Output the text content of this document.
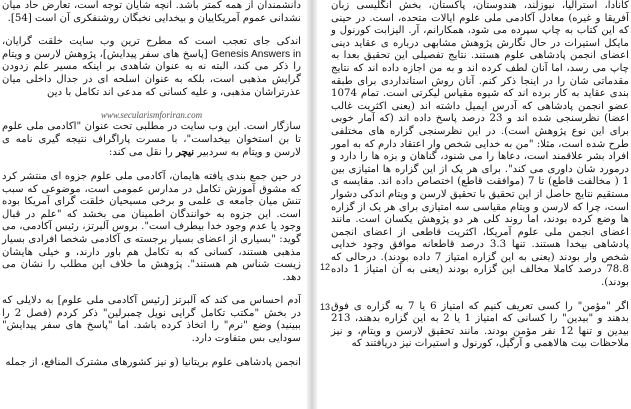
دانشمندان از همه کمتر باشد. آنچه شایان توجه است، تعارض حاد میان نشدانی عموم آمریکاییان و بیخدایی نخبگان روشنفکری آن است [54].

اندکی جای تعجب است که مطرح ترین وب سایت خلقت گرایان، Genesis Answers in [پاسخ های سفر پیدایش]، پژوهش لارسن و ویتام را ذکر می کند، البته نه به عنوان شاهدی بر اینکه مسیر علم زدودن گرایش مذهبی است، بلکه به عنوان اسلحه ای در جدال داخلی میان عذرتراشان مذهبی، و علیه کسانی که مدعی اند تکامل با دین

www.secularismforiran.com

سازگار است. این وب سایت در مطلبی تحت عنوان "اکادمی ملی علوم تا بن استخوان بیخداست"، با مسرت پاراگراف نتیجه گیری نامه ی لارسن و ویتام به سردبیر نیچر را نقل می کند:

در حین جمع بندی یافته هایمان، آکادمی ملی علوم جزوه ای منتشر کرد که مشوق آموزش تکامل در مدارس عمومی است، موضوعی که سبب تنش میان جامعه ی علمی و برخی مسیحیان خلقت گرای آمریکا بوده است. این جزوه به خوانندگان اطمینان می بخشد که "علم در قبال وجود یا عدم وجود خدا بیطرف است". بروس آلبرتز، رئیس آکادمی، می گوید: "بسیاری از اعضای بسیار برجسته ی آکادمی شخصا افرادی بسیار مذهبی هستند، کسانی که به تکامل هم باور دارند، و خیلی هایشان زیست شناس هم هستند". پژوهش ما خلاف این مطلب را نشان می دهد.

آدم احساس می کند که آلبرتز [رئیس آکادمی ملی علوم] به دلایلی که در بخش "مکتب تکامل گرایی نویل چمبرلین" ذکر کردم (فصل 2 را ببینید) وضع "نرم" را اتخاذ کرده باشد. اما "پاسخ های سفر پیدایش" سودایی بس متفاوت دارد.

انجمن پادشاهی علوم بریتانیا (و نیز کشورهای مشترک المنافع، از جمله

کانادا، استرالیا، نیوزلند، هندوستان، پاکستان، بخش انگلیسی زبان آفریقا و غیره) معادل آکادمی ملی علوم ایالات متحده، است. در حینی که این کتاب به چاپ سپرده می شود، همکارانم، آر. الیزابت کورنول و مایکل استیرات در حال نگارش پژوهش مشابهی درباره ی عقاید دینی اعضای انجمن پادشاهی علوم هستند. نتایج تفصیلی این تحقیق بعدا به چاپ می رسد، اما آنان لطف کرده اند و به من اجازه داده اند که نتایج مقدماتی شان را در اینجا ذکر کنم. آنان روش استانداردی برای طبقه بندی عقاید به کار برده اند که شیوه مقیاس لیکرتی است. تمام 1074 عضو انجمن پادشاهی که آدرس ایمیل داشته اند (یعنی اکثریت غالب اعضا) نظرسنجی شده اند و 23 درصد پاسخ داده اند (که آمار خوبی برای این نوع پژوهش است). در این نظرسنجی گزاره های مختلفی طرح شده است، مثلا: "من به خدایی شخص وار اعتقاد دارم که به امور افراد بشر علاقمند است، دعاها را می شنود، گناهان و بزه ها را دارد و درمورد شان داوری می کند". برای هر یک از این گزاره ها امتیازی بین 1 ( مخالفت قاطع) تا 7 (موافقت قاطع) اختصاص داده اند. مقایسه ی مستقیم نتایج حاصل از این تحقیق با تحقیق لارسن و ویتام اندکی دشوار است، چرا که لارسن و ویتام مقیاسی سه امتیازی برای هر یک از گزاره ها وضع کرده بودند، اما روند کلی هر دو پژوهش یکسان است. مانند اعضای انجمن ملی علوم آمریکا، اکثریت قاطعی از اعضای انجمن پادشاهی بیخدا هستند. تنها 3.3 درصد قاطعانه موافق وجود خدایی شخص وار بودند (یعنی به این گزاره امتیاز 7 داده بودند). درحالی که 78.8 درصد کاملا مخالف این گزاره بودند (یعنی به آن امتیاز 1 داده بودند).

اگر "مؤمن" را کسی تعریف کنیم که امتیاز 6 یا 7 به گزاره ی فوق بدهند و "بیدین" را کسانی که امتیاز 1 یا 2 به این گزاره بدهند، 213 بیدین و تنها 12 نفر مؤمن بودند. مانند تحقیق لارسن و ویتام، و نیز ملاحظات بیت هالاهمی و آرگیل، کورنول و استیرات نیز دریافتند که

12
13
